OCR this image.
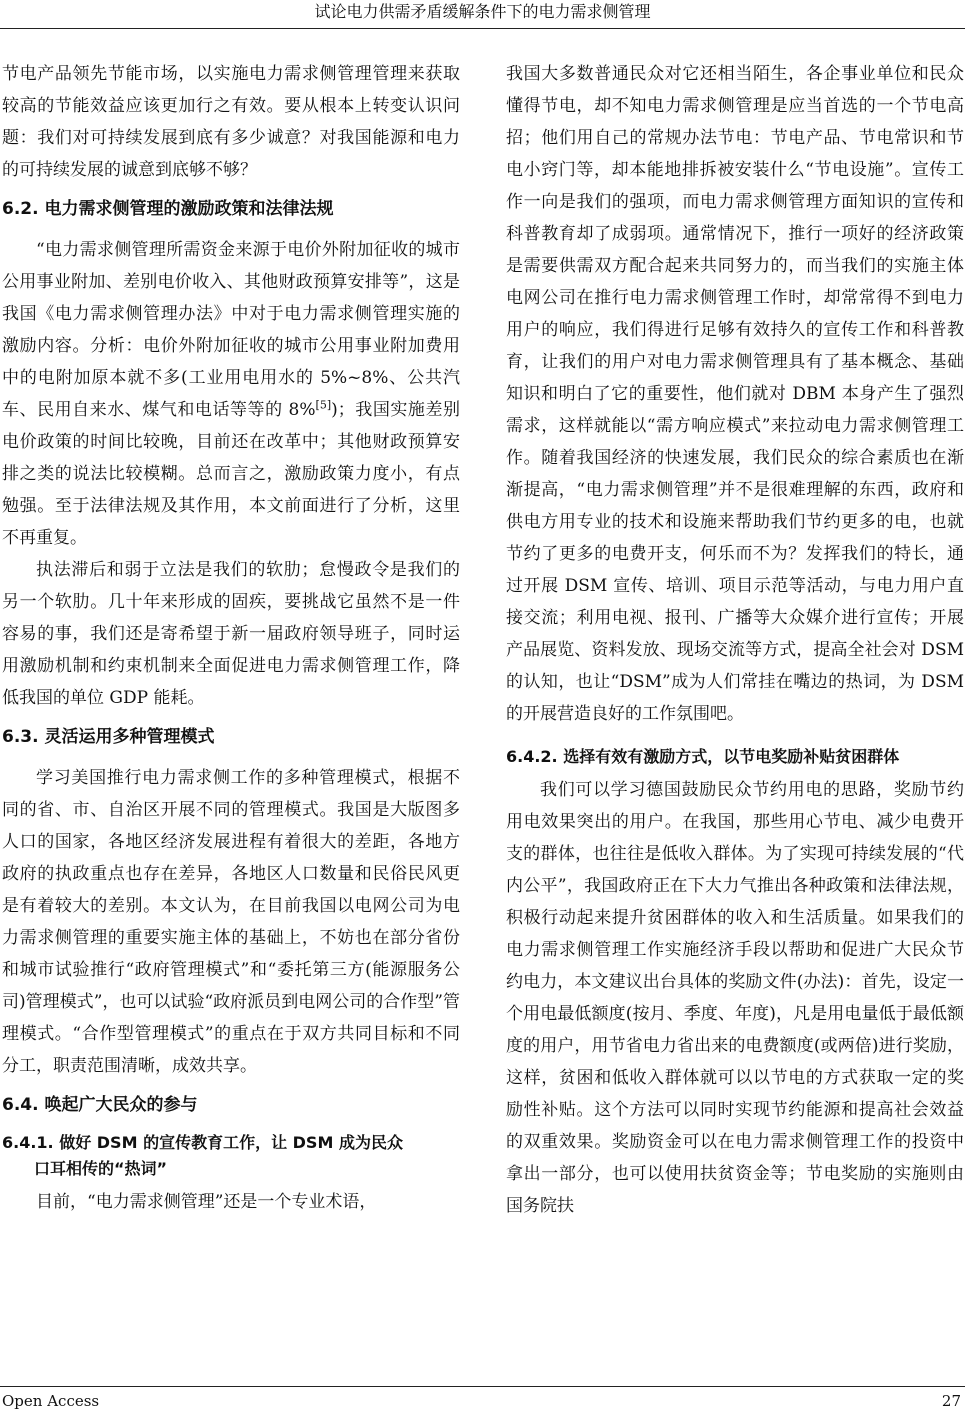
试论电力供需矛盾缓解条件下的电力需求侧管理

节电产品领先节能市场，以实施电力需求侧管理管理来获取较高的节能效益应该更加行之有效。要从根本上转变认识问题：我们对可持续发展到底有多少诚意？对我国能源和电力的可持续发展的诚意到底够不够？

6.2. 电力需求侧管理的激励政策和法律法规

“电力需求侧管理所需资金来源于电价外附加征收的城市公用事业附加、差别电价收入、其他财政预算安排等”，这是我国《电力需求侧管理办法》中对于电力需求侧管理实施的激励内容。分析：电价外附加征收的城市公用事业附加费用中的电附加原本就不多(工业用电用水的 5%~8%、公共汽车、民用自来水、煤气和电话等等的 8%[5])；我国实施差别电价政策的时间比较晚，目前还在改革中；其他财政预算安排之类的说法比较模糊。总而言之，激励政策力度小，有点勉强。至于法律法规及其作用，本文前面进行了分析，这里不再重复。

执法滞后和弱于立法是我们的软肋；怠慢政令是我们的另一个软肋。几十年来形成的固疾，要挑战它虽然不是一件容易的事，我们还是寄希望于新一届政府领导班子，同时运用激励机制和约束机制来全面促进电力需求侧管理工作，降低我国的单位 GDP 能耗。

6.3. 灵活运用多种管理模式

学习美国推行电力需求侧工作的多种管理模式，根据不同的省、市、自治区开展不同的管理模式。我国是大版图多人口的国家，各地区经济发展进程有着很大的差距，各地方政府的执政重点也存在差异，各地区人口数量和民俗民风更是有着较大的差别。本文认为，在目前我国以电网公司为电力需求侧管理的重要实施主体的基础上，不妨也在部分省份和城市试验推行“政府管理模式”和“委托第三方(能源服务公司)管理模式”，也可以试验“政府派员到电网公司的合作型”管理模式。“合作型管理模式”的重点在于双方共同目标和不同分工，职责范围清晰，成效共享。

6.4. 唤起广大民众的参与
6.4.1. 做好 DSM 的宣传教育工作，让 DSM 成为民众
口耳相传的“热词”

目前，“电力需求侧管理”还是一个专业术语，

我国大多数普通民众对它还相当陌生，各企事业单位和民众懂得节电，却不知电力需求侧管理是应当首选的一个节电高招；他们用自己的常规办法节电：节电产品、节电常识和节电小窍门等，却本能地排拆被安装什么“节电设施”。宣传工作一向是我们的强项，而电力需求侧管理方面知识的宣传和科普教育却了成弱项。通常情况下，推行一项好的经济政策是需要供需双方配合起来共同努力的，而当我们的实施主体电网公司在推行电力需求侧管理工作时，却常常得不到电力用户的响应，我们得进行足够有效持久的宣传工作和科普教育，让我们的用户对电力需求侧管理具有了基本概念、基础知识和明白了它的重要性，他们就对 DBM 本身产生了强烈需求，这样就能以“需方响应模式”来拉动电力需求侧管理工作。随着我国经济的快速发展，我们民众的综合素质也在渐渐提高，“电力需求侧管理”并不是很难理解的东西，政府和供电方用专业的技术和设施来帮助我们节约更多的电，也就节约了更多的电费开支，何乐而不为？发挥我们的特长，通过开展 DSM 宣传、培训、项目示范等活动，与电力用户直接交流；利用电视、报刊、广播等大众媒介进行宣传；开展产品展览、资料发放、现场交流等方式，提高全社会对 DSM 的认知，也让“DSM”成为人们常挂在嘴边的热词，为 DSM 的开展营造良好的工作氛围吧。

6.4.2. 选择有效有激励方式，以节电奖励补贴贫困群体

我们可以学习德国鼓励民众节约用电的思路，奖励节约用电效果突出的用户。在我国，那些用心节电、减少电费开支的群体，也往往是低收入群体。为了实现可持续发展的“代内公平”，我国政府正在下大力气推出各种政策和法律法规，积极行动起来提升贫困群体的收入和生活质量。如果我们的电力需求侧管理工作实施经济手段以帮助和促进广大民众节约电力，本文建议出台具体的奖励文件(办法)：首先，设定一个用电最低额度(按月、季度、年度)，凡是用电量低于最低额度的用户，用节省电力省出来的电费额度(或两倍)进行奖励，这样，贫困和低收入群体就可以以节电的方式获取一定的奖励性补贴。这个方法可以同时实现节约能源和提高社会效益的双重效果。奖励资金可以在电力需求侧管理工作的投资中拿出一部分，也可以使用扶贫资金等；节电奖励的实施则由国务院扶

Open Access	27
